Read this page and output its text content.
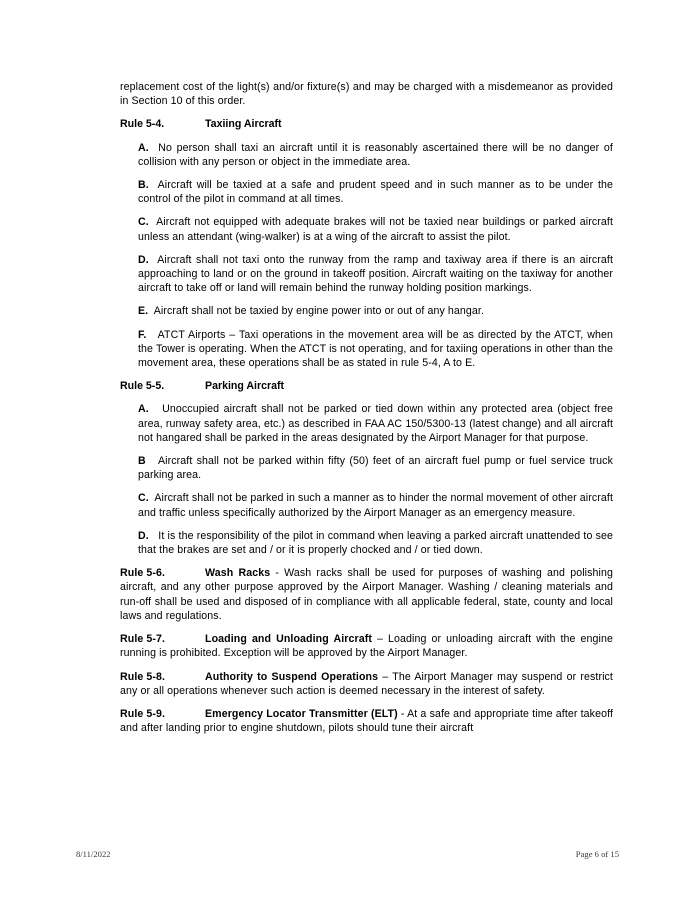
replacement cost of the light(s) and/or fixture(s) and may be charged with a misdemeanor as provided in Section 10 of this order.

Rule 5-4.	Taxiing Aircraft

A. No person shall taxi an aircraft until it is reasonably ascertained there will be no danger of collision with any person or object in the immediate area.

B. Aircraft will be taxied at a safe and prudent speed and in such manner as to be under the control of the pilot in command at all times.

C. Aircraft not equipped with adequate brakes will not be taxied near buildings or parked aircraft unless an attendant (wing-walker) is at a wing of the aircraft to assist the pilot.

D. Aircraft shall not taxi onto the runway from the ramp and taxiway area if there is an aircraft approaching to land or on the ground in takeoff position. Aircraft waiting on the taxiway for another aircraft to take off or land will remain behind the runway holding position markings.

E. Aircraft shall not be taxied by engine power into or out of any hangar.

F. ATCT Airports – Taxi operations in the movement area will be as directed by the ATCT, when the Tower is operating. When the ATCT is not operating, and for taxiing operations in other than the movement area, these operations shall be as stated in rule 5-4, A to E.

Rule 5-5.	Parking Aircraft

A. Unoccupied aircraft shall not be parked or tied down within any protected area (object free area, runway safety area, etc.) as described in FAA AC 150/5300-13 (latest change) and all aircraft not hangared shall be parked in the areas designated by the Airport Manager for that purpose.

B Aircraft shall not be parked within fifty (50) feet of an aircraft fuel pump or fuel service truck parking area.

C. Aircraft shall not be parked in such a manner as to hinder the normal movement of other aircraft and traffic unless specifically authorized by the Airport Manager as an emergency measure.

D. It is the responsibility of the pilot in command when leaving a parked aircraft unattended to see that the brakes are set and / or it is properly chocked and / or tied down.

Rule 5-6.	Wash Racks - Wash racks shall be used for purposes of washing and polishing aircraft, and any other purpose approved by the Airport Manager. Washing / cleaning materials and run-off shall be used and disposed of in compliance with all applicable federal, state, county and local laws and regulations.

Rule 5-7.	Loading and Unloading Aircraft – Loading or unloading aircraft with the engine running is prohibited. Exception will be approved by the Airport Manager.

Rule 5-8.	Authority to Suspend Operations – The Airport Manager may suspend or restrict any or all operations whenever such action is deemed necessary in the interest of safety.

Rule 5-9.	Emergency Locator Transmitter (ELT) - At a safe and appropriate time after takeoff and after landing prior to engine shutdown, pilots should tune their aircraft

8/11/2022	Page 6 of 15
